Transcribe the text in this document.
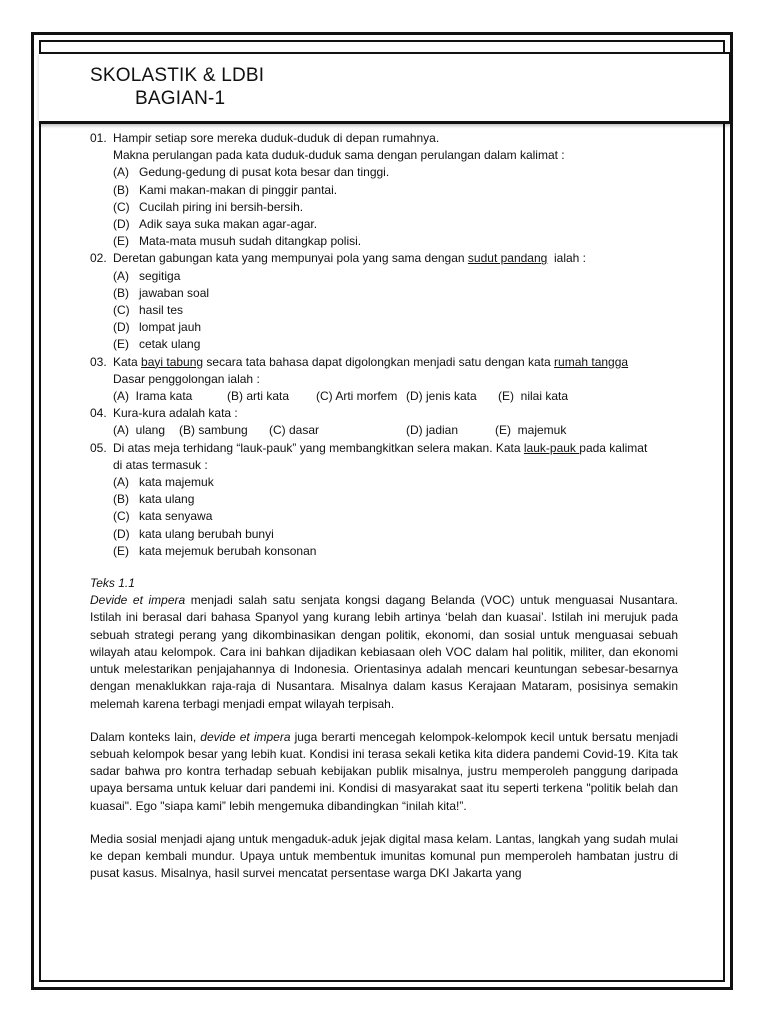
SKOLASTIK & LDBI
BAGIAN-1
01. Hampir setiap sore mereka duduk-duduk di depan rumahnya.
Makna perulangan pada kata duduk-duduk sama dengan perulangan dalam kalimat :
(A) Gedung-gedung di pusat kota besar dan tinggi.
(B) Kami makan-makan di pinggir pantai.
(C) Cucilah piring ini bersih-bersih.
(D) Adik saya suka makan agar-agar.
(E) Mata-mata musuh sudah ditangkap polisi.
02. Deretan gabungan kata yang mempunyai pola yang sama dengan sudut pandang  ialah :
(A) segitiga
(B) jawaban soal
(C) hasil tes
(D) lompat jauh
(E) cetak ulang
03. Kata bayi tabung secara tata bahasa dapat digolongkan menjadi satu dengan kata rumah tangga
Dasar penggolongan ialah :
(A)  Irama kata	(B) arti kata	(C) Arti morfem (D) jenis kata	(E)  nilai kata
04. Kura-kura adalah kata :
(A)  ulang	(B) sambung	(C) dasar	(D) jadian	(E)  majemuk
05. Di atas meja terhidang “lauk-pauk” yang membangkitkan selera makan. Kata lauk-pauk pada kalimat
di atas termasuk :
(A) kata majemuk
(B) kata ulang
(C) kata senyawa
(D) kata ulang berubah bunyi
(E) kata mejemuk berubah konsonan
Teks 1.1
Devide et impera menjadi salah satu senjata kongsi dagang Belanda (VOC) untuk menguasai Nusantara. Istilah ini berasal dari bahasa Spanyol yang kurang lebih artinya ‘belah dan kuasai’. Istilah ini merujuk pada sebuah strategi perang yang dikombinasikan dengan politik, ekonomi, dan sosial untuk menguasai sebuah wilayah atau kelompok. Cara ini bahkan dijadikan kebiasaan oleh VOC dalam hal politik, militer, dan ekonomi untuk melestarikan penjajahannya di Indonesia. Orientasinya adalah mencari keuntungan sebesar-besarnya dengan menaklukkan raja-raja di Nusantara. Misalnya dalam kasus Kerajaan Mataram, posisinya semakin melemah karena terbagi menjadi empat wilayah terpisah.
Dalam konteks lain, devide et impera juga berarti mencegah kelompok-kelompok kecil untuk bersatu menjadi sebuah kelompok besar yang lebih kuat. Kondisi ini terasa sekali ketika kita didera pandemi Covid-19. Kita tak sadar bahwa pro kontra terhadap sebuah kebijakan publik misalnya, justru memperoleh panggung daripada upaya bersama untuk keluar dari pandemi ini. Kondisi di masyarakat saat itu seperti terkena "politik belah dan kuasai". Ego "siapa kami” lebih mengemuka dibandingkan “inilah kita!”.
Media sosial menjadi ajang untuk mengaduk-aduk jejak digital masa kelam. Lantas, langkah yang sudah mulai ke depan kembali mundur. Upaya untuk membentuk imunitas komunal pun memperoleh hambatan justru di pusat kasus. Misalnya, hasil survei mencatat persentase warga DKI Jakarta yang
